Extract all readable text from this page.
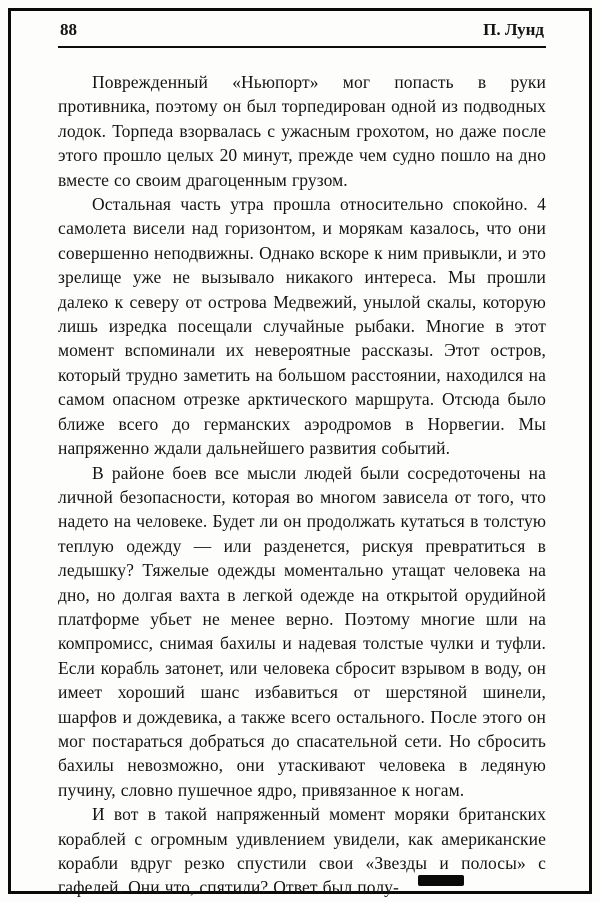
88	П. Лунд

Поврежденный «Ньюпорт» мог попасть в руки противника, поэтому он был торпедирован одной из подводных лодок. Торпеда взорвалась с ужасным грохотом, но даже после этого прошло целых 20 минут, прежде чем судно пошло на дно вместе со своим драгоценным грузом.

Остальная часть утра прошла относительно спокойно. 4 самолета висели над горизонтом, и морякам казалось, что они совершенно неподвижны. Однако вскоре к ним привыкли, и это зрелище уже не вызывало никакого интереса. Мы прошли далеко к северу от острова Медвежий, унылой скалы, которую лишь изредка посещали случайные рыбаки. Многие в этот момент вспоминали их невероятные рассказы. Этот остров, который трудно заметить на большом расстоянии, находился на самом опасном отрезке арктического маршрута. Отсюда было ближе всего до германских аэродромов в Норвегии. Мы напряженно ждали дальнейшего развития событий.

В районе боев все мысли людей были сосредоточены на личной безопасности, которая во многом зависела от того, что надето на человеке. Будет ли он продолжать кутаться в толстую теплую одежду — или разденется, рискуя превратиться в ледышку? Тяжелые одежды моментально утащат человека на дно, но долгая вахта в легкой одежде на открытой орудийной платформе убьет не менее верно. Поэтому многие шли на компромисс, снимая бахилы и надевая толстые чулки и туфли. Если корабль затонет, или человека сбросит взрывом в воду, он имеет хороший шанс избавиться от шерстяной шинели, шарфов и дождевика, а также всего остального. После этого он мог постараться добраться до спасательной сети. Но сбросить бахилы невозможно, они утаскивают человека в ледяную пучину, словно пушечное ядро, привязанное к ногам.

И вот в такой напряженный момент моряки британских кораблей с огромным удивлением увидели, как американские корабли вдруг резко спустили свои «Звезды и полосы» с гафелей. Они что, спятили? Ответ был полу-
